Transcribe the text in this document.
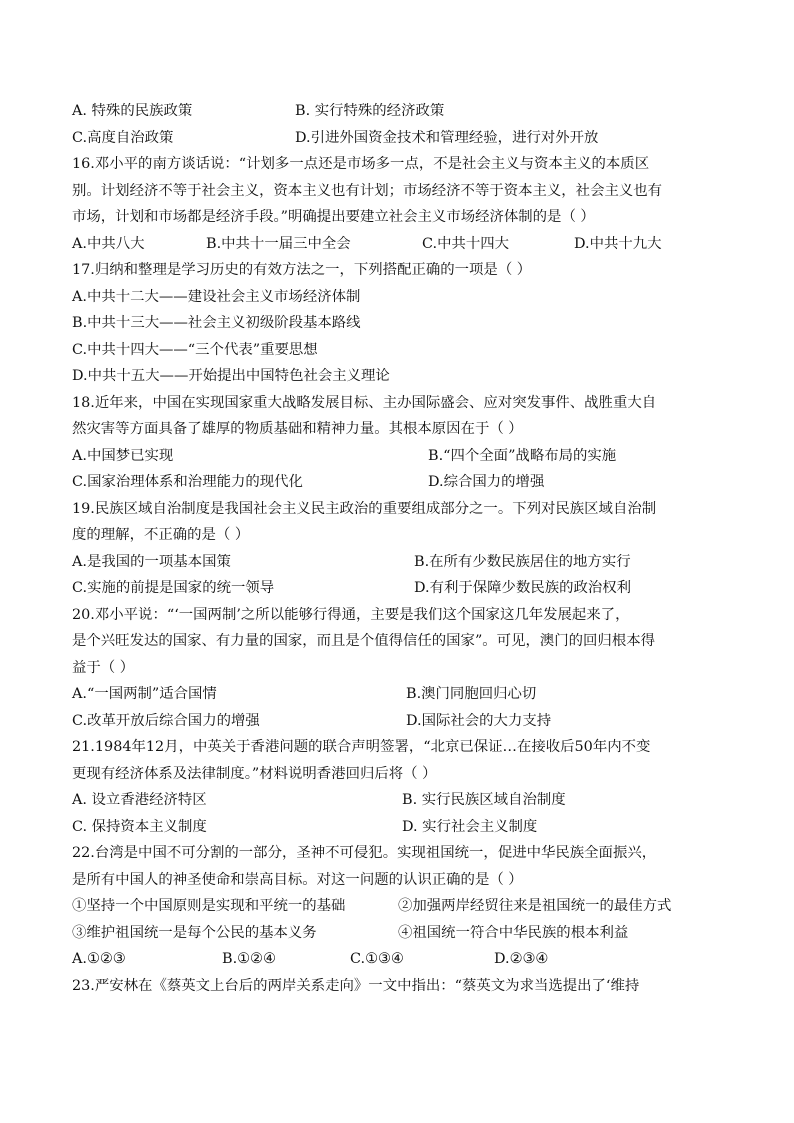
A. 特殊的民族政策	B. 实行特殊的经济政策
C.高度自治政策	D.引进外国资金技术和管理经验，进行对外开放
16.邓小平的南方谈话说：“计划多一点还是市场多一点，不是社会主义与资本主义的本质区
别。计划经济不等于社会主义，资本主义也有计划；市场经济不等于资本主义，社会主义也有
市场，计划和市场都是经济手段。”明确提出要建立社会主义市场经济体制的是（ ）
A.中共八大	B.中共十一届三中全会	C.中共十四大	D.中共十九大
17.归纳和整理是学习历史的有效方法之一，下列搭配正确的一项是（ ）
A.中共十二大——建设社会主义市场经济体制
B.中共十三大——社会主义初级阶段基本路线
C.中共十四大——“三个代表”重要思想
D.中共十五大——开始提出中国特色社会主义理论
18.近年来，中国在实现国家重大战略发展目标、主办国际盛会、应对突发事件、战胜重大自
然灾害等方面具备了雄厚的物质基础和精神力量。其根本原因在于（ ）
A.中国梦已实现	B.“四个全面”战略布局的实施
C.国家治理体系和治理能力的现代化	D.综合国力的增强
19.民族区域自治制度是我国社会主义民主政治的重要组成部分之一。下列对民族区域自治制
度的理解，不正确的是（ ）
A.是我国的一项基本国策	B.在所有少数民族居住的地方实行
C.实施的前提是国家的统一领导	D.有利于保障少数民族的政治权利
20.邓小平说：“‘一国两制’之所以能够行得通，主要是我们这个国家这几年发展起来了，
是个兴旺发达的国家、有力量的国家，而且是个值得信任的国家”。可见，澳门的回归根本得
益于（ ）
A.“一国两制”适合国情	B.澳门同胞回归心切
C.改革开放后综合国力的增强	D.国际社会的大力支持
21.1984年12月，中英关于香港问题的联合声明签署，“北京已保证…在接收后50年内不变
更现有经济体系及法律制度。”材料说明香港回归后将（ ）
A. 设立香港经济特区	B. 实行民族区域自治制度
C. 保持资本主义制度	D. 实行社会主义制度
22.台湾是中国不可分割的一部分，圣神不可侵犯。实现祖国统一，促进中华民族全面振兴，
是所有中国人的神圣使命和崇高目标。对这一问题的认识正确的是（ ）
①坚持一个中国原则是实现和平统一的基础	②加强两岸经贸往来是祖国统一的最佳方式
③维护祖国统一是每个公民的基本义务	④祖国统一符合中华民族的根本利益
A.①②③	B.①②④	C.①③④	D.②③④
23.严安林在《蔡英文上台后的两岸关系走向》一文中指出：“蔡英文为求当选提出了‘维持
